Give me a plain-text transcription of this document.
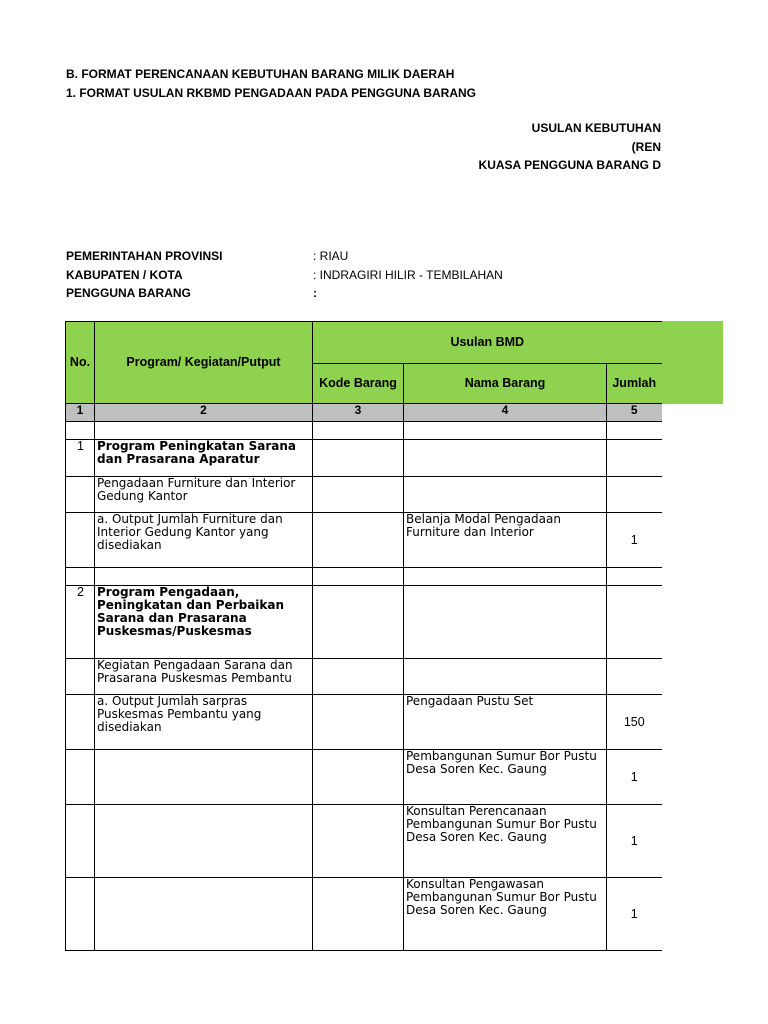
B. FORMAT PERENCANAAN KEBUTUHAN BARANG MILIK DAERAH
1. FORMAT USULAN RKBMD PENGADAAN PADA PENGGUNA BARANG
USULAN KEBUTUHAN
(REN
KUASA PENGGUNA BARANG D
PEMERINTAHAN PROVINSI	: RIAU
KABUPATEN / KOTA	: INDRAGIRI HILIR - TEMBILAHAN
PENGGUNA BARANG	:
No.	Program/ Kegiatan/Putput	Usulan BMD		
		Kode Barang	Nama Barang	Jumlah
1	2	3	4	5

1	Program Peningkatan Sarana dan Prasarana Aparatur			
	Pengadaan Furniture dan Interior Gedung Kantor			
	a. Output Jumlah Furniture dan Interior Gedung Kantor yang disediakan		Belanja Modal Pengadaan Furniture dan Interior	1

2	Program Pengadaan, Peningkatan dan Perbaikan Sarana dan Prasarana Puskesmas/Puskesmas			
	Kegiatan Pengadaan Sarana dan Prasarana Puskesmas Pembantu			
	a. Output Jumlah sarpras Puskesmas Pembantu yang disediakan		Pengadaan Pustu Set	150
			Pembangunan Sumur Bor Pustu Desa Soren Kec. Gaung	1
			Konsultan Perencanaan Pembangunan Sumur Bor Pustu Desa Soren Kec. Gaung	1
			Konsultan Pengawasan Pembangunan Sumur Bor Pustu Desa Soren Kec. Gaung	1
